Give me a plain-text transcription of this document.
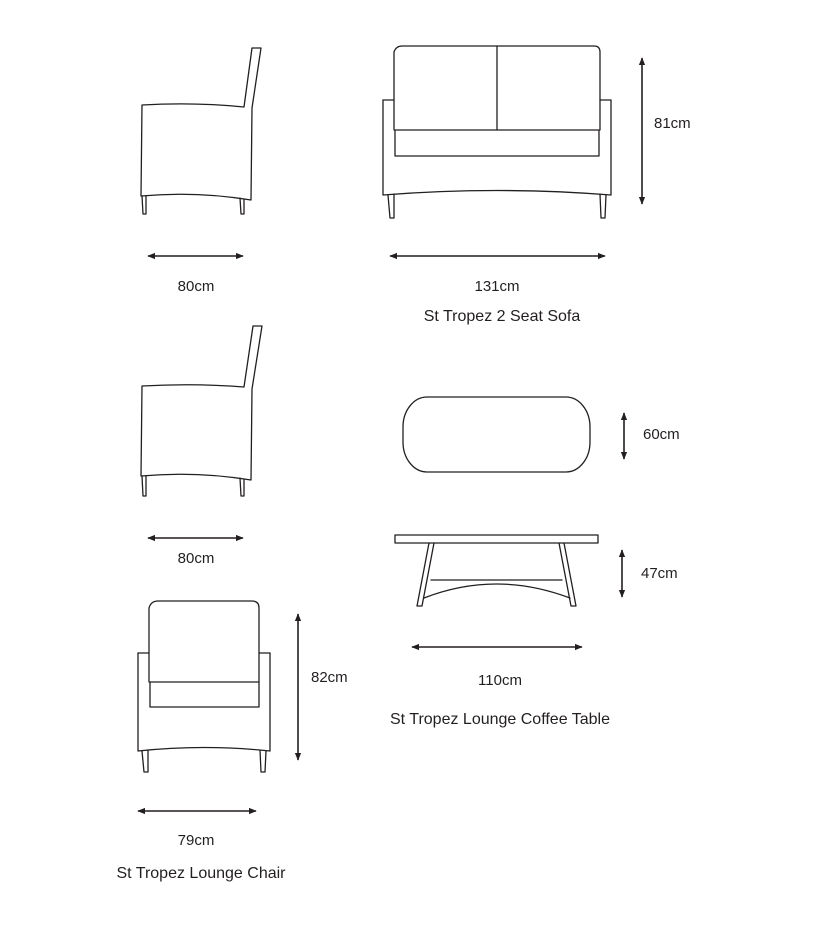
80cm
81cm
131cm
St Tropez 2 Seat Sofa
80cm
60cm
47cm
110cm
St Tropez Lounge Coffee Table
82cm
79cm
St Tropez Lounge Chair
